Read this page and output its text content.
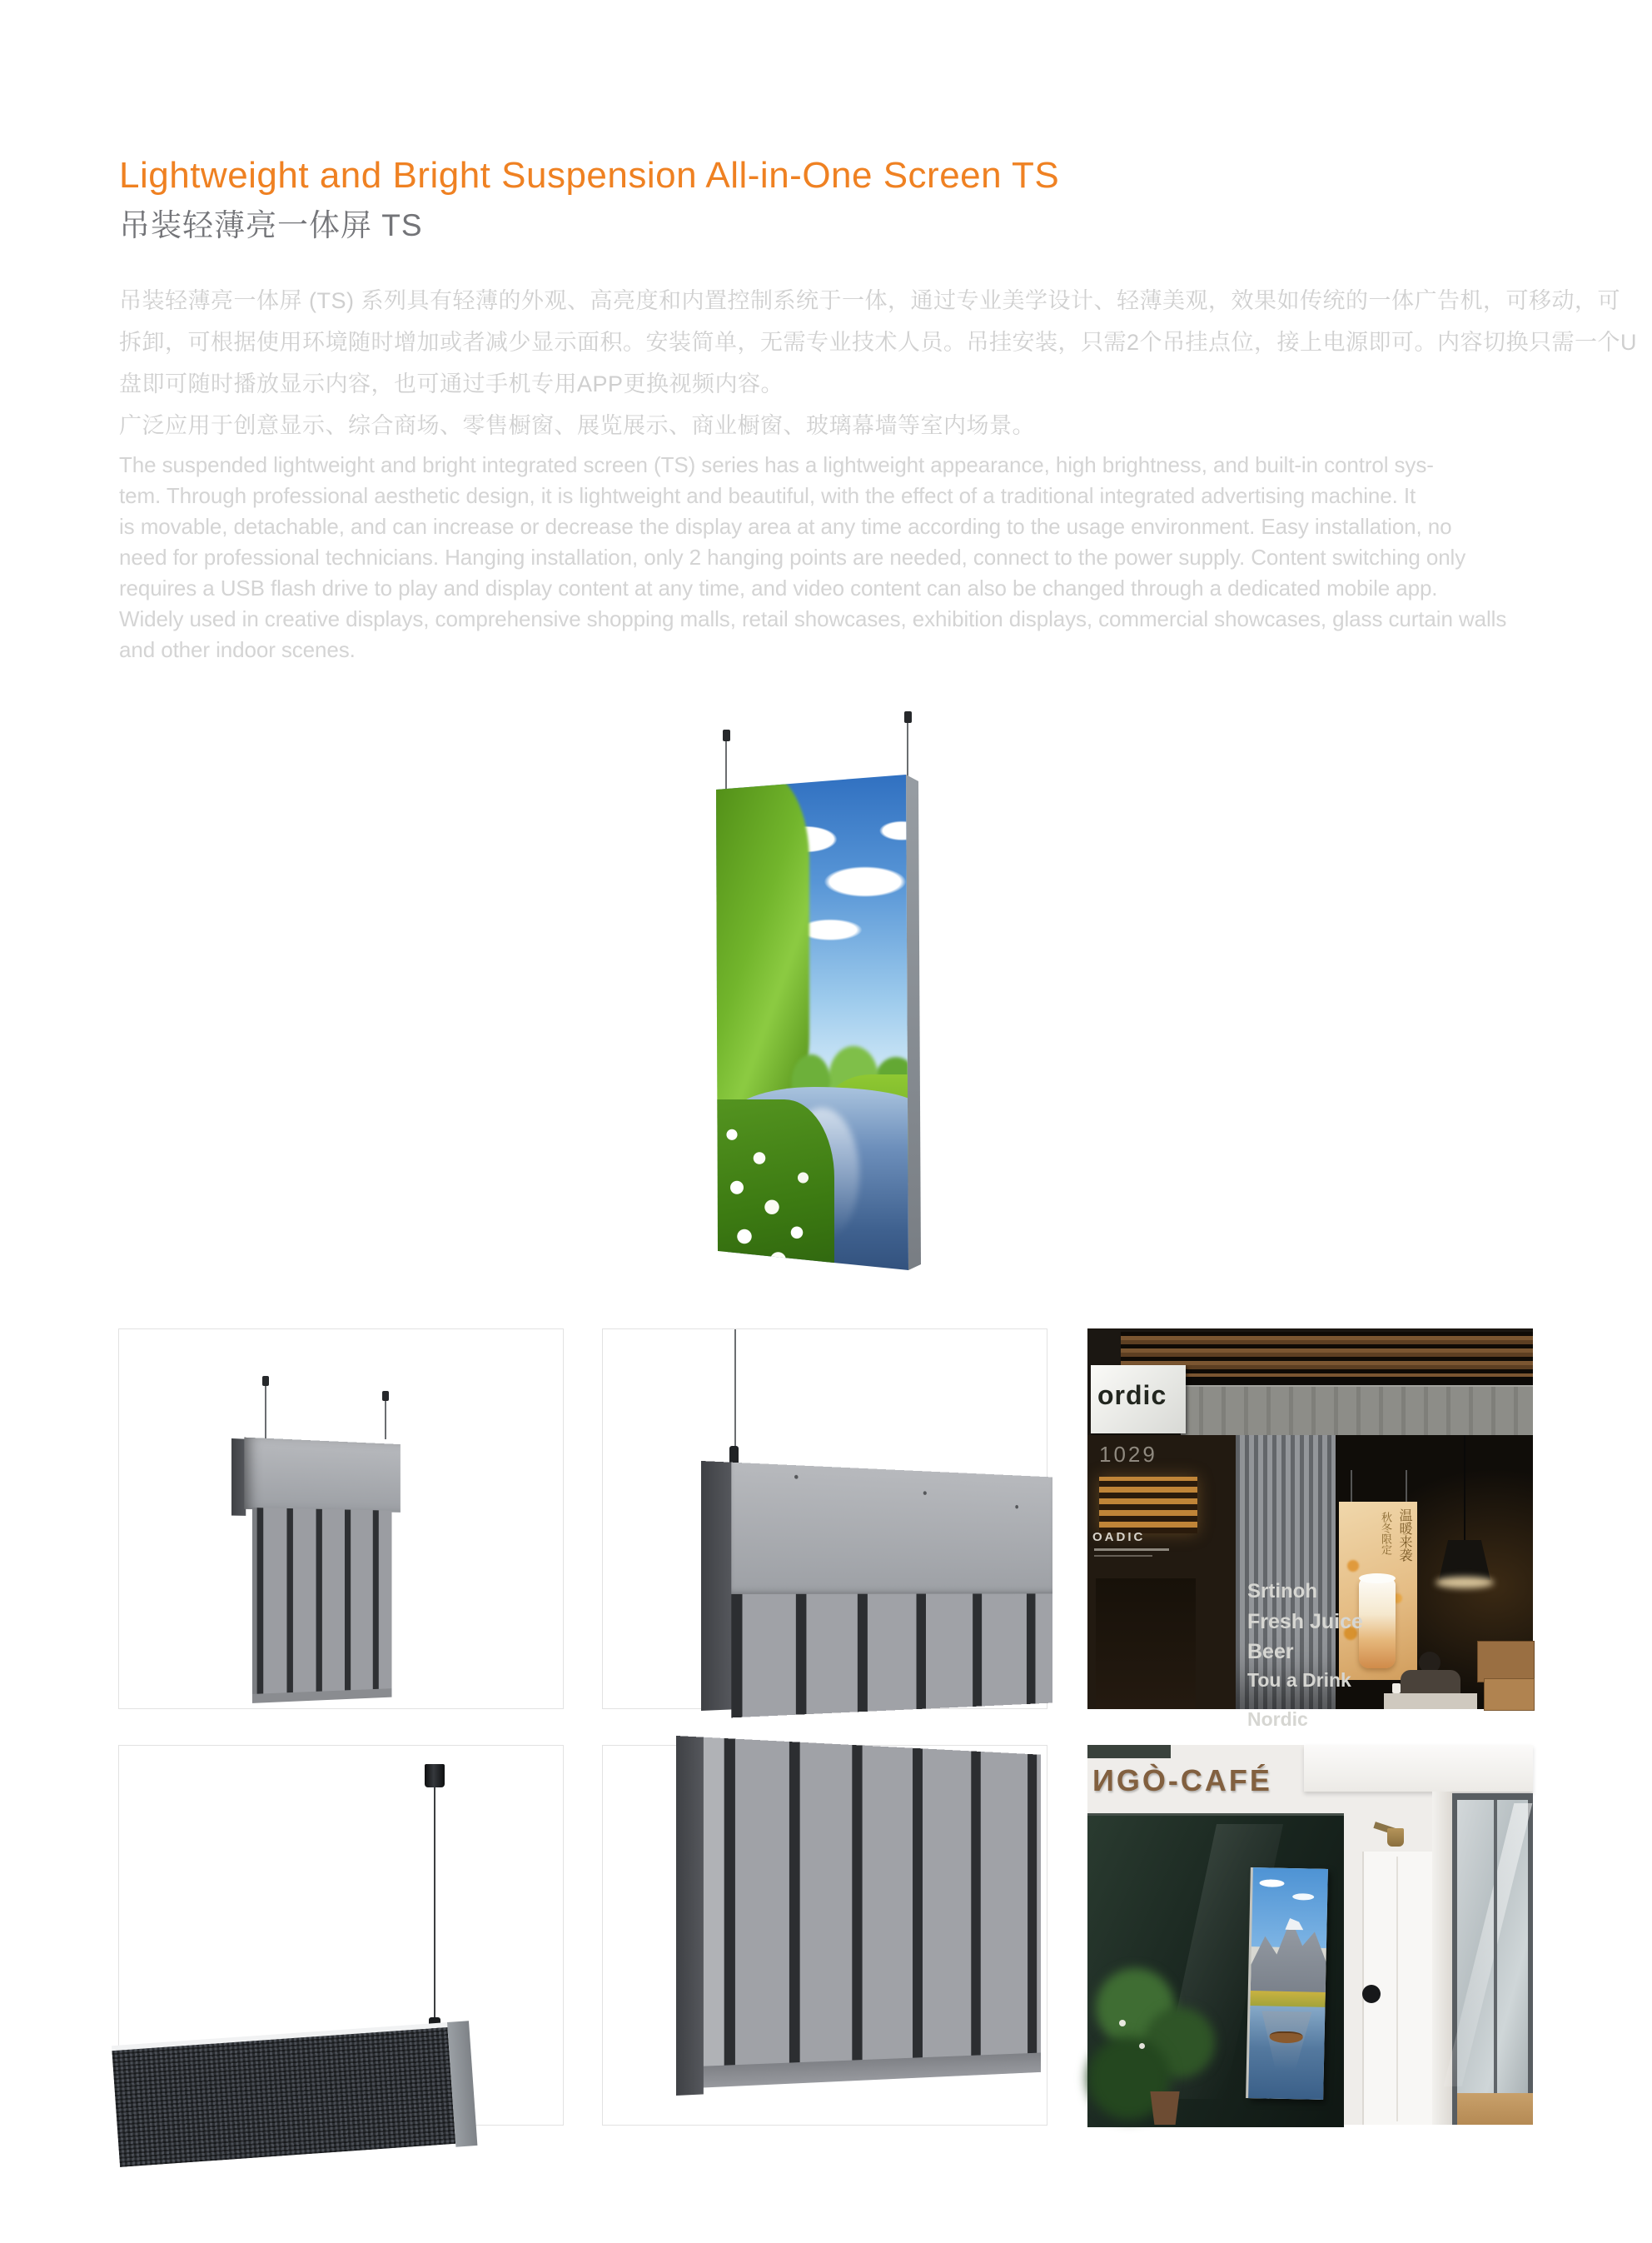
Lightweight and Bright Suspension All-in-One Screen TS
吊装轻薄亮一体屏 TS
吊装轻薄亮一体屏 (TS) 系列具有轻薄的外观、高亮度和内置控制系统于一体，通过专业美学设计、轻薄美观，效果如传统的一体广告机，可移动，可
拆卸，可根据使用环境随时增加或者减少显示面积。安装简单，无需专业技术人员。吊挂安装，只需2个吊挂点位，接上电源即可。内容切换只需一个U
盘即可随时播放显示内容，也可通过手机专用APP更换视频内容。
广泛应用于创意显示、综合商场、零售橱窗、展览展示、商业橱窗、玻璃幕墙等室内场景。
The suspended lightweight and bright integrated screen (TS) series has a lightweight appearance, high brightness, and built-in control sys-
tem. Through professional aesthetic design, it is lightweight and beautiful, with the effect of a traditional integrated advertising machine. It
is movable, detachable, and can increase or decrease the display area at any time according to the usage environment. Easy installation, no
need for professional technicians. Hanging installation, only 2 hanging points are needed, connect to the power supply. Content switching only
requires a USB flash drive to play and display content at any time, and video content can also be changed through a dedicated mobile app.
Widely used in creative displays, comprehensive shopping malls, retail showcases, exhibition displays, commercial showcases, glass curtain walls
and other indoor scenes.
ordic
1029
OADIC	温暖来袭
秋冬限定
Srtinoh
Fresh Juice
Beer
Tou a Drink
Nordic
ИGÒ-CAFÉ
